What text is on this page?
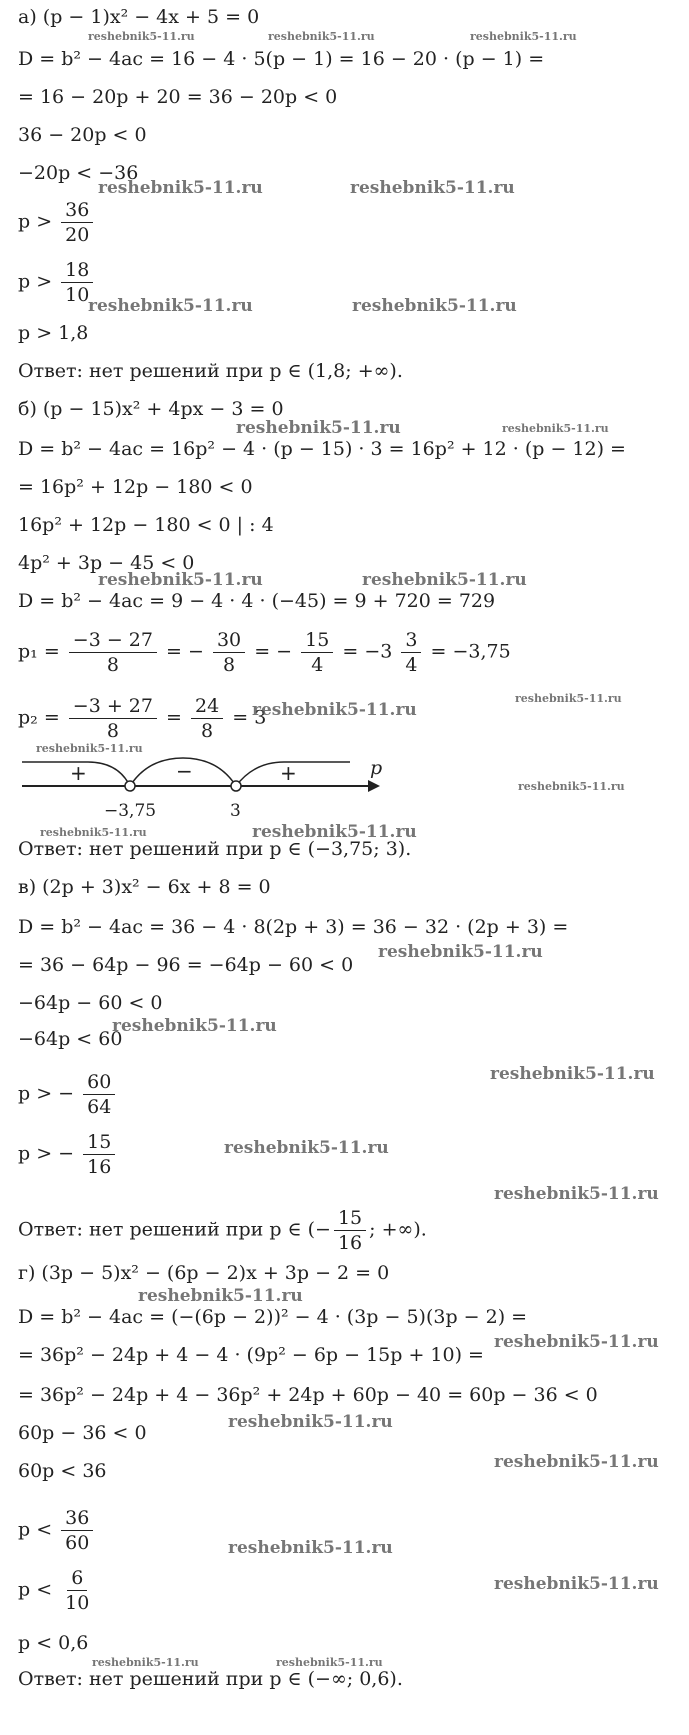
а) (p − 1)x² − 4x + 5 = 0
D = b² − 4ac = 16 − 4 · 5(p − 1) = 16 − 20 · (p − 1) =
= 16 − 20p + 20 = 36 − 20p < 0
36 − 20p < 0
−20p < −36
$p > \frac{36}{20}$
$p > \frac{18}{10}$
p > 1,8
Ответ: нет решений при p ∈ (1,8; +∞).
б) (p − 15)x² + 4px − 3 = 0
D = b² − 4ac = 16p² − 4 · (p − 15) · 3 = 16p² + 12 · (p − 12) =
= 16p² + 12p − 180 < 0
16p² + 12p − 180 < 0 | : 4
4p² + 3p − 45 < 0
D = b² − 4ac = 9 − 4 · 4 · (−45) = 9 + 720 = 729
$p_1 = \frac{-3 - 27}{8}$ = − $\frac{30}{8}$ = − $\frac{15}{4} = -3 \frac{3}{4} = -3,75$
$p_2 = \frac{-3 + 27}{8} = \frac{24}{8} = 3$
p
+	−	+
−3,75	3
Ответ: нет решений при p ∈ (−3,75; 3).
в) (2p + 3)x² − 6x + 8 = 0
D = b² − 4ac = 36 − 4 · 8(2p + 3) = 36 − 32 · (2p + 3) =
= 36 − 64p − 96 = −64p − 60 < 0
−64p − 60 < 0
−64p < 60
p > − $\frac{60}{64}$
p > − $\frac{15}{16}$
Ответ: нет решений при p ∈ (− $\frac{15}{16}$ ; +∞).
г) (3p − 5)x² − (6p − 2)x + 3p − 2 = 0
D = b² − 4ac = (−(6p − 2))² − 4 · (3p − 5)(3p − 2) =
= 36p² − 24p + 4 − 4 · (9p² − 6p − 15p + 10) =
= 36p² − 24p + 4 − 36p² + 24p + 60p − 40 = 60p − 36 < 0
60p − 36 < 0
60p < 36
$p < \frac{36}{60}$
$p < \frac{6}{10}$
p < 0,6
Ответ: нет решений при p ∈ (−∞; 0,6).
reshebnik5-11.ru	reshebnik5-11.ru	reshebnik5-11.ru
reshebnik5-11.ru	reshebnik5-11.ru
reshebnik5-11.ru	reshebnik5-11.ru
reshebnik5-11.ru	reshebnik5-11.ru
reshebnik5-11.ru	reshebnik5-11.ru
reshebnik5-11.ru
reshebnik5-11.ru
reshebnik5-11.ru
reshebnik5-11.ru
reshebnik5-11.ru	reshebnik5-11.ru
reshebnik5-11.ru
reshebnik5-11.ru
reshebnik5-11.ru
reshebnik5-11.ru
reshebnik5-11.ru
reshebnik5-11.ru
reshebnik5-11.ru
reshebnik5-11.ru
reshebnik5-11.ru
reshebnik5-11.ru
reshebnik5-11.ru
reshebnik5-11.ru	reshebnik5-11.ru
